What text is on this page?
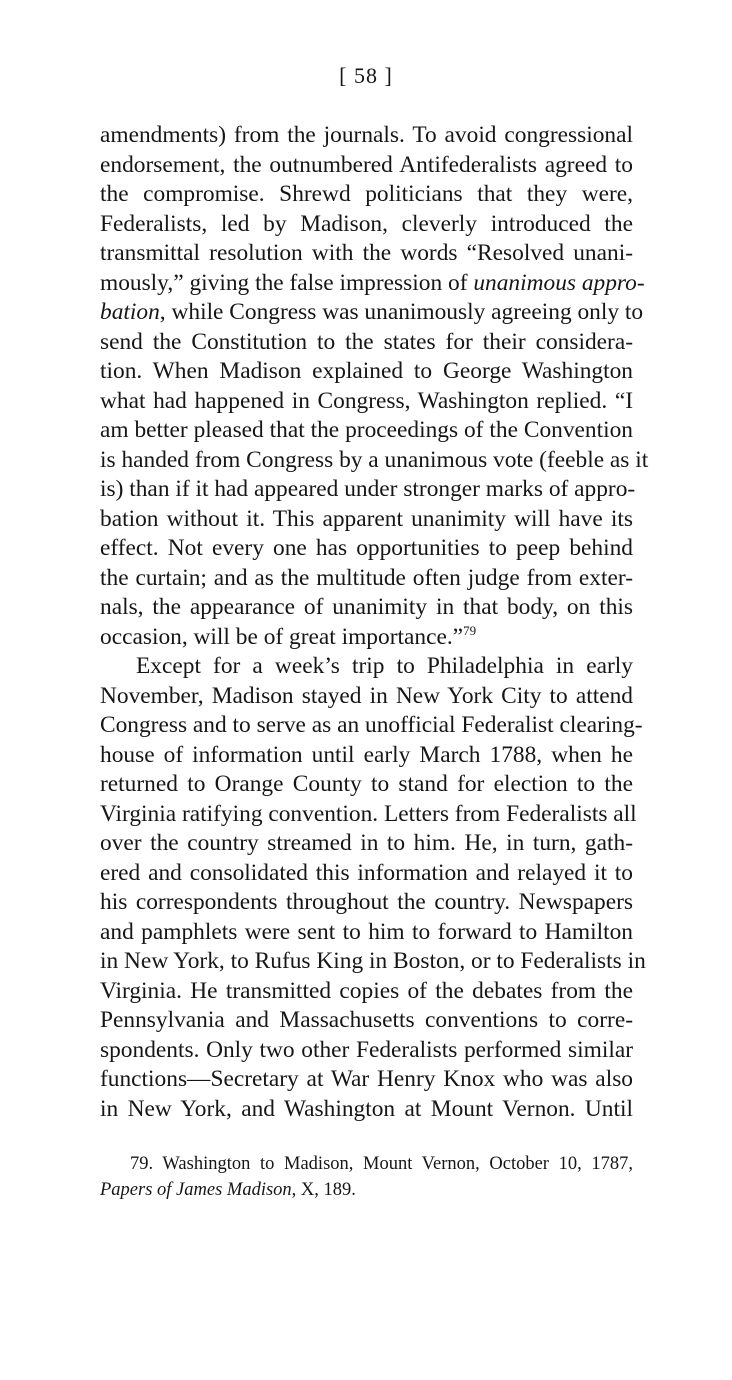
[ 58 ]
amendments) from the journals. To avoid congressional
endorsement, the outnumbered Antifederalists agreed to
the compromise. Shrewd politicians that they were,
Federalists, led by Madison, cleverly introduced the
transmittal resolution with the words “Resolved unani-
mously,” giving the false impression of unanimous appro-
bation, while Congress was unanimously agreeing only to
send the Constitution to the states for their considera-
tion. When Madison explained to George Washington
what had happened in Congress, Washington replied. “I
am better pleased that the proceedings of the Convention
is handed from Congress by a unanimous vote (feeble as it
is) than if it had appeared under stronger marks of appro-
bation without it. This apparent unanimity will have its
effect. Not every one has opportunities to peep behind
the curtain; and as the multitude often judge from exter-
nals, the appearance of unanimity in that body, on this
occasion, will be of great importance.”$^{79}$
Except for a week’s trip to Philadelphia in early
November, Madison stayed in New York City to attend
Congress and to serve as an unofficial Federalist clearing-
house of information until early March 1788, when he
returned to Orange County to stand for election to the
Virginia ratifying convention. Letters from Federalists all
over the country streamed in to him. He, in turn, gath-
ered and consolidated this information and relayed it to
his correspondents throughout the country. Newspapers
and pamphlets were sent to him to forward to Hamilton
in New York, to Rufus King in Boston, or to Federalists in
Virginia. He transmitted copies of the debates from the
Pennsylvania and Massachusetts conventions to corre-
spondents. Only two other Federalists performed similar
functions—Secretary at War Henry Knox who was also
in New York, and Washington at Mount Vernon. Until
79. Washington to Madison, Mount Vernon, October 10, 1787,
Papers of James Madison, X, 189.
